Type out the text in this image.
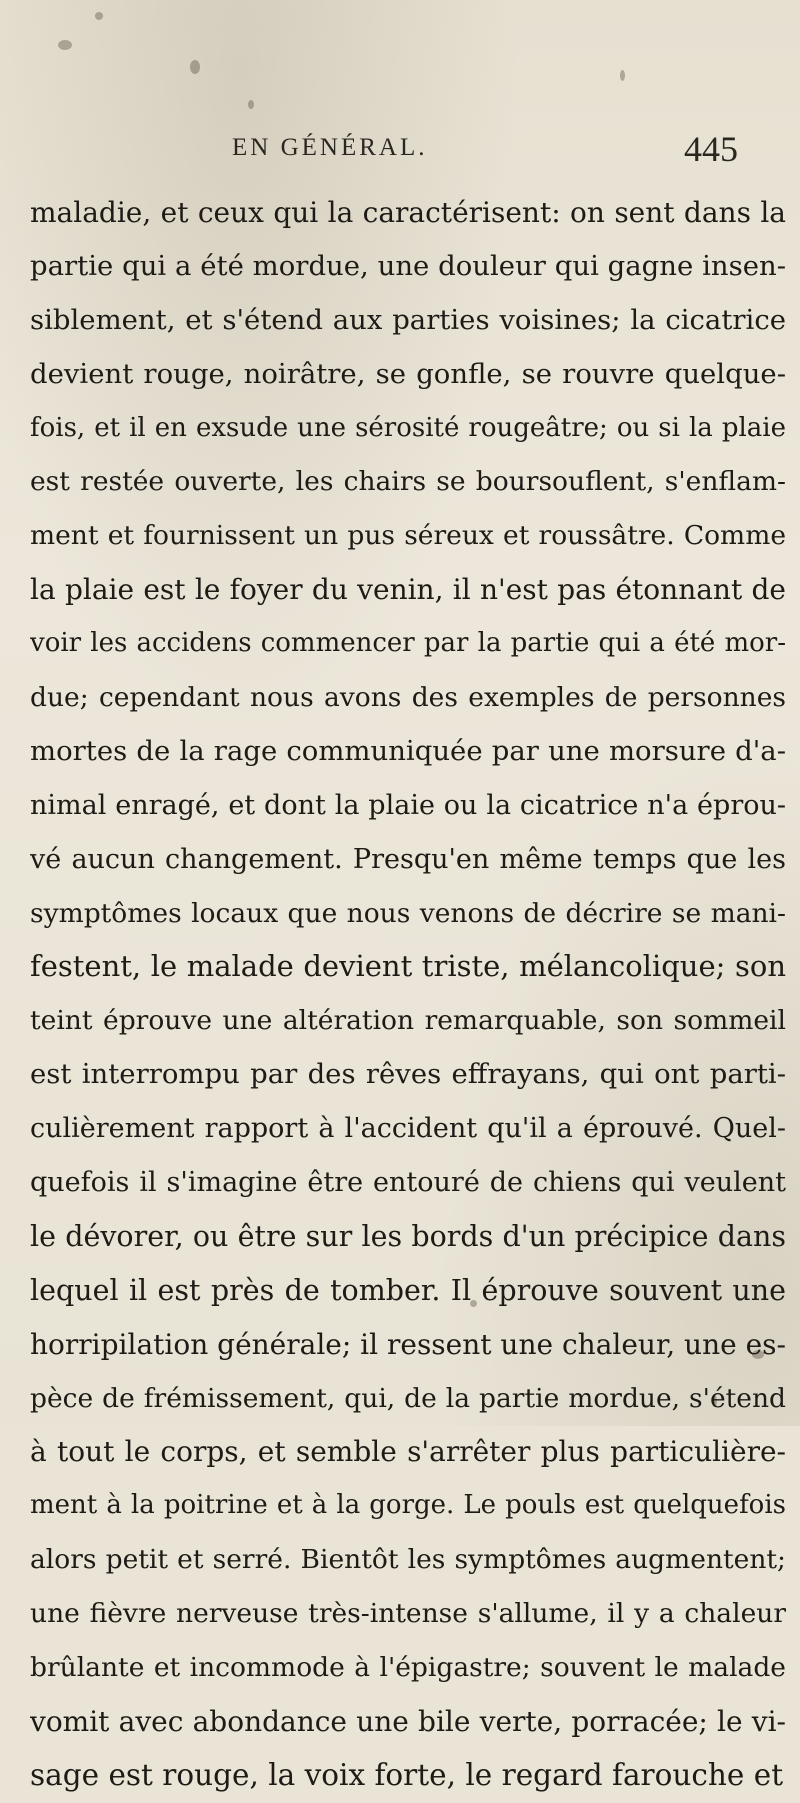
EN GÉNÉRAL.	445
maladie, et ceux qui la caractérisent: on sent dans la
partie qui a été mordue, une douleur qui gagne insen-
siblement, et s'étend aux parties voisines; la cicatrice
devient rouge, noirâtre, se gonfle, se rouvre quelque-
fois, et il en exsude une sérosité rougeâtre; ou si la plaie
est restée ouverte, les chairs se boursouflent, s'enflam-
ment et fournissent un pus séreux et roussâtre. Comme
la plaie est le foyer du venin, il n'est pas étonnant de
voir les accidens commencer par la partie qui a été mor-
due; cependant nous avons des exemples de personnes
mortes de la rage communiquée par une morsure d'a-
nimal enragé, et dont la plaie ou la cicatrice n'a éprou-
vé aucun changement. Presqu'en même temps que les
symptômes locaux que nous venons de décrire se mani-
festent, le malade devient triste, mélancolique; son
teint éprouve une altération remarquable, son sommeil
est interrompu par des rêves effrayans, qui ont parti-
culièrement rapport à l'accident qu'il a éprouvé. Quel-
quefois il s'imagine être entouré de chiens qui veulent
le dévorer, ou être sur les bords d'un précipice dans
lequel il est près de tomber. Il éprouve souvent une
horripilation générale; il ressent une chaleur, une es-
pèce de frémissement, qui, de la partie mordue, s'étend
à tout le corps, et semble s'arrêter plus particulière-
ment à la poitrine et à la gorge. Le pouls est quelquefois
alors petit et serré. Bientôt les symptômes augmentent;
une fièvre nerveuse très-intense s'allume, il y a chaleur
brûlante et incommode à l'épigastre; souvent le malade
vomit avec abondance une bile verte, porracée; le vi-
sage est rouge, la voix forte, le regard farouche et
